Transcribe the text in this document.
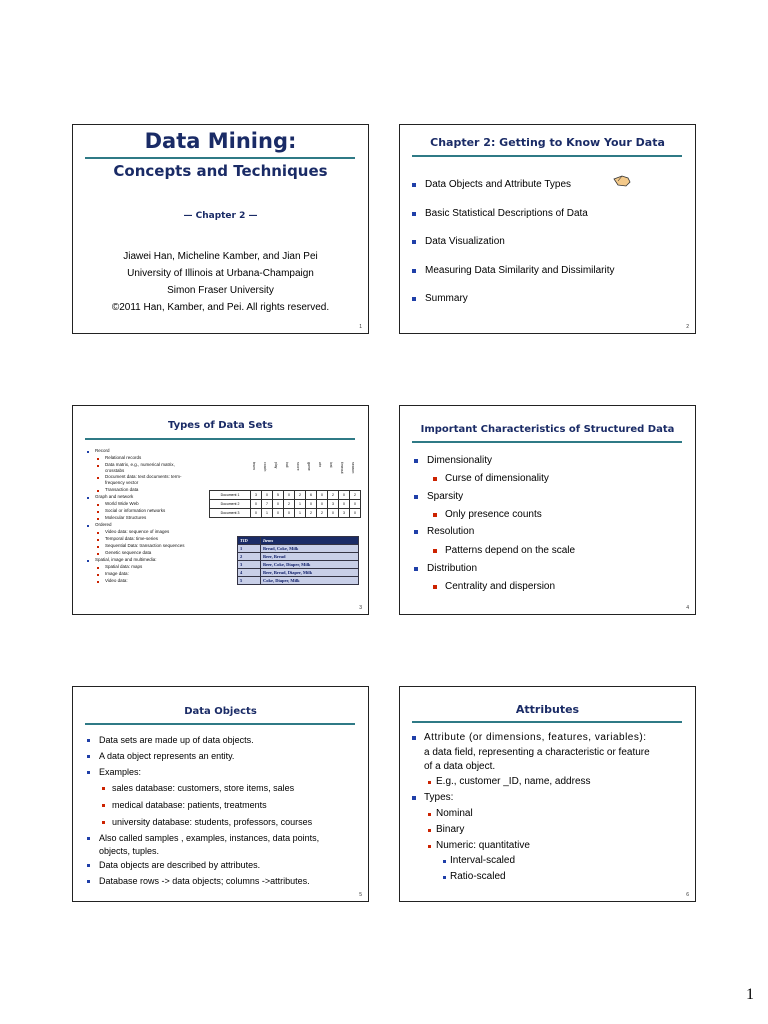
Data Mining:
Concepts and Techniques
— Chapter 2 —
Jiawei Han, Micheline Kamber, and Jian Pei
University of Illinois at Urbana-Champaign
Simon Fraser University
©2011 Han, Kamber, and Pei. All rights reserved.
1
Chapter 2: Getting to Know Your Data
Data Objects and Attribute Types
Basic Statistical Descriptions of Data
Data Visualization
Measuring Data Similarity and Dissimilarity
Summary
2
Types of Data Sets
Record
Relational records
Data matrix, e.g., numerical matrix,
crosstabs
Document data: text documents: term-
frequency vector
Transaction data
Graph and network
World Wide Web
Social or information networks
Molecular Structures
Ordered
Video data: sequence of images
Temporal data: time-series
Sequential Data: transaction sequences
Genetic sequence data
Spatial, image and multimedia:
Spatial data: maps
Image data:
Video data:
team coach play ball score game win lost timeout season
Document 1	3	0	5	0	2	6	0	2	0	2
Document 2	0	7	0	2	1	0	0	3	0	0
Document 3	0	1	0	0	1	2	2	0	3	0
TID	Items
1	Bread, Coke, Milk
2	Beer, Bread
3	Beer, Coke, Diaper, Milk
4	Beer, Bread, Diaper, Milk
5	Coke, Diaper, Milk
3
Important Characteristics of Structured Data
Dimensionality
Curse of dimensionality
Sparsity
Only presence counts
Resolution
Patterns depend on the scale
Distribution
Centrality and dispersion
4
Data Objects
Data sets are made up of data objects.
A data object represents an entity.
Examples:
sales database: customers, store items, sales
medical database: patients, treatments
university database: students, professors, courses
Also called samples , examples, instances, data points,
objects, tuples.
Data objects are described by attributes.
Database rows -> data objects; columns ->attributes.
5
Attributes
Attribute (or dimensions, features, variables):
a data field, representing a characteristic or feature
of a data object.
E.g., customer _ID, name, address
Types:
Nominal
Binary
Numeric: quantitative
Interval-scaled
Ratio-scaled
6
1
